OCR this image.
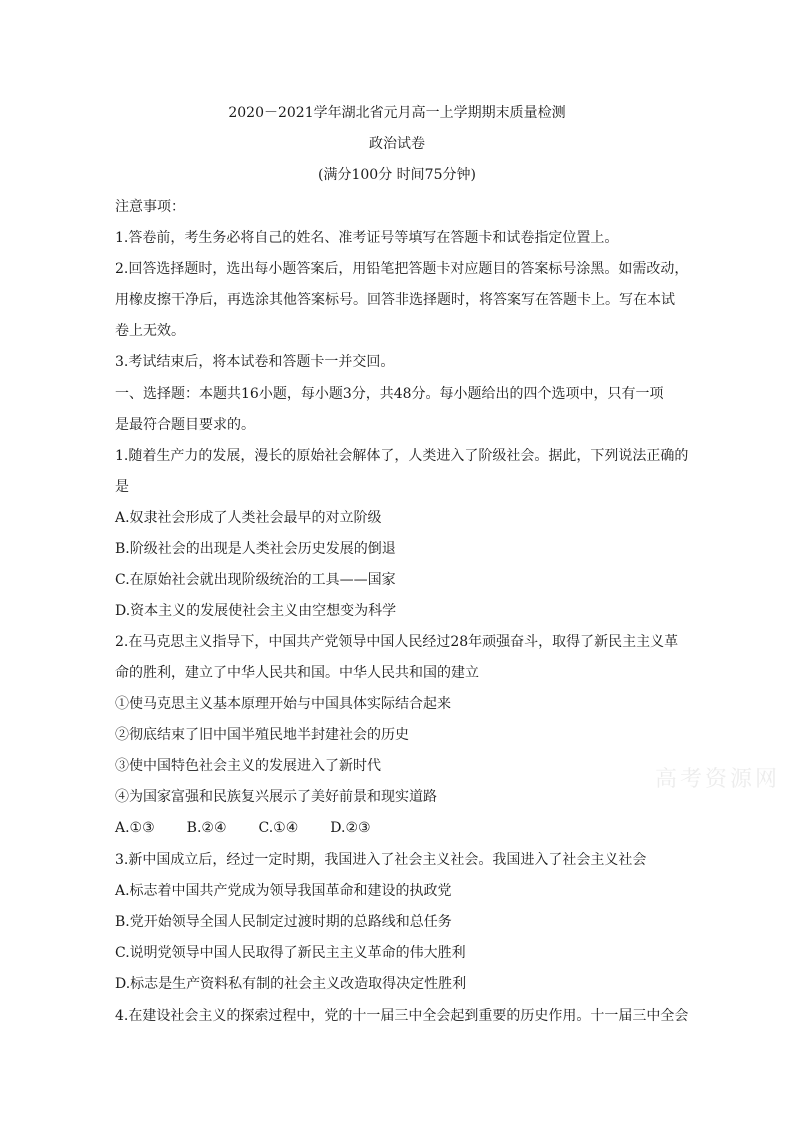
2020－2021学年湖北省元月高一上学期期末质量检测
政治试卷
(满分100分 时间75分钟)
注意事项：
1.答卷前，考生务必将自己的姓名、准考证号等填写在答题卡和试卷指定位置上。
2.回答选择题时，选出每小题答案后，用铅笔把答题卡对应题目的答案标号涂黑。如需改动，
用橡皮擦干净后，再选涂其他答案标号。回答非选择题时，将答案写在答题卡上。写在本试
卷上无效。
3.考试结束后，将本试卷和答题卡一并交回。
一、选择题：本题共16小题，每小题3分，共48分。每小题给出的四个选项中，只有一项
是最符合题目要求的。
1.随着生产力的发展，漫长的原始社会解体了，人类进入了阶级社会。据此，下列说法正确的
是
A.奴隶社会形成了人类社会最早的对立阶级
B.阶级社会的出现是人类社会历史发展的倒退
C.在原始社会就出现阶级统治的工具——国家
D.资本主义的发展使社会主义由空想变为科学
2.在马克思主义指导下，中国共产党领导中国人民经过28年顽强奋斗，取得了新民主主义革
命的胜利，建立了中华人民共和国。中华人民共和国的建立
①使马克思主义基本原理开始与中国具体实际结合起来
②彻底结束了旧中国半殖民地半封建社会的历史
③使中国特色社会主义的发展进入了新时代
④为国家富强和民族复兴展示了美好前景和现实道路
A.①③ B.②④ C.①④ D.②③
3.新中国成立后，经过一定时期，我国进入了社会主义社会。我国进入了社会主义社会
A.标志着中国共产党成为领导我国革命和建设的执政党
B.党开始领导全国人民制定过渡时期的总路线和总任务
C.说明党领导中国人民取得了新民主主义革命的伟大胜利
D.标志是生产资料私有制的社会主义改造取得决定性胜利
4.在建设社会主义的探索过程中，党的十一届三中全会起到重要的历史作用。十一届三中全会
高考资源网
